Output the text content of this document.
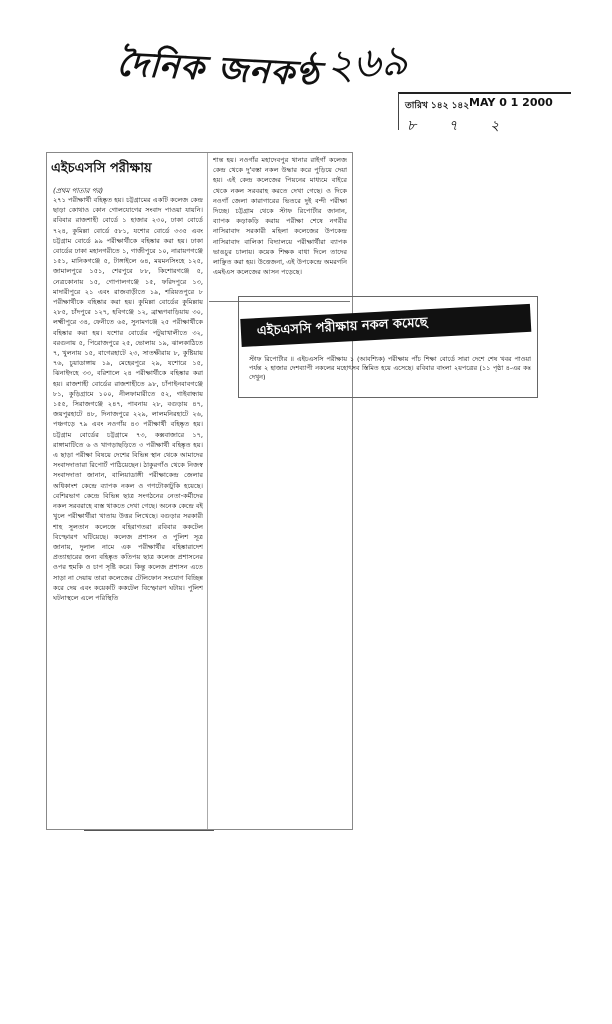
দৈনিক জনকণ্ঠ ২৬৯
তারিখ ১৪২ ১৪২ MAY 0 1 2000
৮ ৭ ২
এইচএসসি পরীক্ষায়
(প্রথম পাতার পর)
২৭১ পরীক্ষার্থী বহিষ্কৃত হয়। চট্টগ্রামের একটি কলেজ কেন্দ্র ছাড়া কোথাও কোন গোলযোগের সংবাদ পাওয়া যায়নি। রবিবার রাজশাহী বোর্ডে ১ হাজার ২৩০, ঢাকা বোর্ডে ৭২৪, কুমিল্লা বোর্ডে ৫৮১, যশোর বোর্ডে ৩৩৫ এবং চট্টগ্রাম বোর্ডে ৯৯ পরীক্ষার্থীকে বহিষ্কার করা হয়। ঢাকা বোর্ডের ঢাকা মহানগরীতে ১, গাজীপুরে ১০, নারায়ণগঞ্জে ১৫১, মানিকগঞ্জে ৫, টাঙ্গাইলে ৬৪, ময়মনসিংহে ১২৫, জামালপুরে ১৫১, শেরপুরে ৮৮, কিশোরগঞ্জে ৫, নেত্রকোনায় ১৫, গোপালগঞ্জে ১৫, ফরিদপুরে ১৩, মাদারীপুরে ২১ এবং রাজবাড়ীতে ১৯, শরিয়তপুরে ৮ পরীক্ষার্থীকে বহিষ্কার করা হয়। কুমিল্লা বোর্ডের কুমিল্লায় ২৮৫, চাঁদপুরে ১২৭, হবিগঞ্জে ১২, ব্রাহ্মণবাড়িয়ায় ৩০, লক্ষ্মীপুরে ৩৪, ফেনীতে ৬৫, সুনামগঞ্জে ২৫ পরীক্ষার্থীকে বহিষ্কার করা হয়। যশোর বোর্ডের পটুয়াখালীতে ৩২, বরগুনায় ৫, পিরোজপুরে ২৫, ভোলায় ১৯, ঝালকাঠিতে ৭, খুলনায় ১৫, বাগেরহাটে ২৩, সাতক্ষীরায় ৮, কুষ্টিয়ায় ৭৬, চুয়াডাঙ্গায় ১৯, মেহেরপুরে ২৯, যশোরে ১৫, ঝিনাইদহে ৩৩, বরিশালে ২৪ পরীক্ষার্থীকে বহিষ্কার করা হয়। রাজশাহী বোর্ডের রাজশাহীতে ৯৮, চাঁপাইনবাবগঞ্জে ৮১, কুড়িগ্রামে ১০০, নীলফামারীতে ৫২, গাইবান্ধায় ১৫৫, সিরাজগঞ্জে ২৪৭, পাবনায় ২৮, বগুড়ায় ৪৭, জয়পুরহাটে ৪৮, দিনাজপুরে ২২৯, লালমনিরহাটে ২৬, পঞ্চগড়ে ৭৯ এবং নওগাঁয় ৪৩ পরীক্ষার্থী বহিষ্কৃত হয়। চট্টগ্রাম বোর্ডের চট্টগ্রামে ৭৩, কক্সবাজারে ১৭, রাঙ্গামাটিতে ৬ ও খাগড়াছড়িতে ৩ পরীক্ষার্থী বহিষ্কৃত হয়। এ ছাড়া পরীক্ষা বিষয়ে দেশের বিভিন্ন স্থান থেকে আমাদের সংবাদদাতারা রিপোর্ট পাঠিয়েছেন। ঠাকুরগাঁও থেকে নিজস্ব সংবাদদাতা জানান, বালিয়াডাঙ্গী পরীক্ষাকেন্দ্র জেলার অধিকাংশ কেন্দ্রে ব্যাপক নকল ও গণটোকাটুকি হয়েছে। বেশিরভাগ কেন্দ্রে বিভিন্ন ছাত্র সংগঠনের নেতা-কর্মীদের নকল সরবরাহে ব্যস্ত থাকতে দেখা গেছে। অনেক কেন্দ্রে বই খুলে পরীক্ষার্থীরা খাতায় উত্তর লিখেছে। বগুড়ার সরকারী শাহ সুলতান কলেজে বহিরাগতরা রবিবার ককটেল বিস্ফোরণ ঘটিয়েছে। কলেজ প্রশাসন ও পুলিশ সূত্র জানায়, দুলাল নামে এক পরীক্ষার্থীর বহিষ্কারাদেশ প্রত্যাহারের জন্য বহিষ্কৃত কতিপয় ছাত্র কলেজ প্রশাসনের ওপর হুমকি ও চাপ সৃষ্টি করে। কিন্তু কলেজ প্রশাসন এতে সাড়া না দেয়ায় তারা কলেজের টেলিফোন সংযোগ বিচ্ছিন্ন করে দেয় এবং কয়েকটি ককটেল বিস্ফোরণ ঘটায়। পুলিশ ঘটনাস্থলে এলে পরিস্থিতি
শান্ত হয়। নওগাঁর মহাদেবপুর থানার রাইগাঁ কলেজ কেন্দ্র থেকে দু'বস্তা নকল উদ্ধার করে পুড়িয়ে দেয়া হয়। এই কেন্দ্র কলেজের পিয়নের মাধ্যমে বাইরে থেকে নকল সরবরাহ করতে দেখা গেছে। ও দিকে নওগাঁ জেলা কারাগারের ভিতরে দুই বন্দী পরীক্ষা দিচ্ছে। চট্টগ্রাম থেকে স্টাফ রিপোর্টার জানান, ব্যাপক কড়াকড়ি করায় পরীক্ষা শেষে নগরীর নাসিরাবাদ সরকারী মহিলা কলেজের উপকেন্দ্র নাসিরাবাদ বালিকা বিদ্যালয়ে পরীক্ষার্থীরা ব্যাপক ভাঙচুর চালায়। কয়েক শিক্ষক বাধা দিলে তাদের লাঞ্ছিত করা হয়। উত্তেজনা, এই উপকেন্দ্রে অমরগনি এমইএস কলেজের আসন পড়েছে।
এইচএসসি পরীক্ষায় নকল কমেছে
স্টাফ রিপোর্টার ॥ এইচএসসি পরীক্ষায় ১ (আবশ্যিক) পরীক্ষায় পাঁচ শিক্ষা বোর্ডে সারা দেশে শেষ খবর পাওয়া পর্যন্ত ২ হাজার দেশব্যাপী নকলের মহোৎসব স্তিমিত হয়ে এসেছে। রবিবার বাংলা ২য়পত্রের (১১ পৃষ্ঠা ৪-এর কঃ দেখুন)
